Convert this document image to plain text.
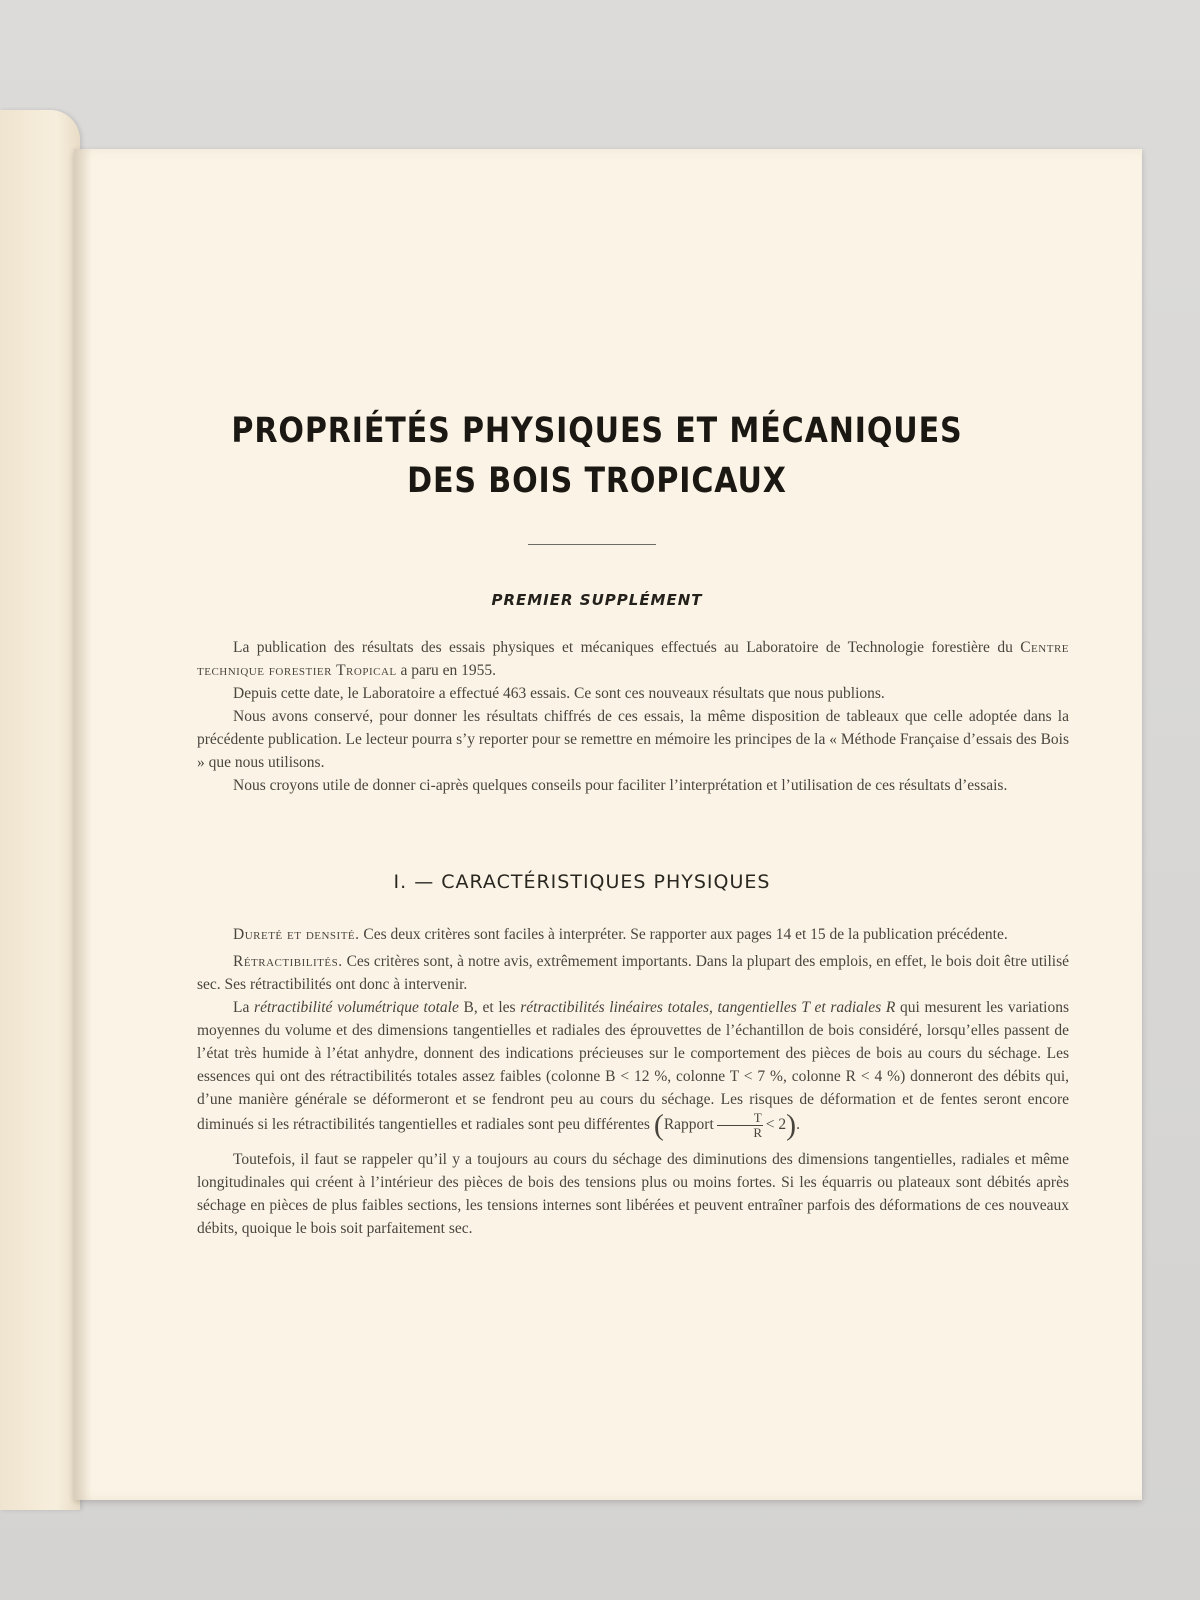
PROPRIÉTÉS PHYSIQUES ET MÉCANIQUES
DES BOIS TROPICAUX
PREMIER SUPPLÉMENT

La publication des résultats des essais physiques et mécaniques effectués au Laboratoire de Technologie forestière du Centre technique forestier Tropical a paru en 1955.

Depuis cette date, le Laboratoire a effectué 463 essais. Ce sont ces nouveaux résultats que nous publions.

Nous avons conservé, pour donner les résultats chiffrés de ces essais, la même disposition de tableaux que celle adoptée dans la précédente publication. Le lecteur pourra s’y reporter pour se remettre en mémoire les principes de la « Méthode Française d’essais des Bois » que nous utilisons.

Nous croyons utile de donner ci-après quelques conseils pour faciliter l’interprétation et l’utilisation de ces résultats d’essais.

I. — CARACTÉRISTIQUES PHYSIQUES

Dureté et densité. Ces deux critères sont faciles à interpréter. Se rapporter aux pages 14 et 15 de la publication précédente.

Rétractibilités. Ces critères sont, à notre avis, extrêmement importants. Dans la plupart des emplois, en effet, le bois doit être utilisé sec. Ses rétractibilités ont donc à intervenir.

La rétractibilité volumétrique totale B, et les rétractibilités linéaires totales, tangentielles T et radiales R qui mesurent les variations moyennes du volume et des dimensions tangentielles et radiales des éprouvettes de l’échantillon de bois considéré, lorsqu’elles passent de l’état très humide à l’état anhydre, donnent des indications précieuses sur le comportement des pièces de bois au cours du séchage. Les essences qui ont des rétractibilités totales assez faibles (colonne B < 12 %, colonne T < 7 %, colonne R < 4 %) donneront des débits qui, d’une manière générale se déformeront et se fendront peu au cours du séchage. Les risques de déformation et de fentes seront encore diminués si les rétractibilités tangentielles et radiales sont peu différentes (Rapport $\frac{T}{R} < 2$).

Toutefois, il faut se rappeler qu’il y a toujours au cours du séchage des diminutions des dimensions tangentielles, radiales et même longitudinales qui créent à l’intérieur des pièces de bois des tensions plus ou moins fortes. Si les équarris ou plateaux sont débités après séchage en pièces de plus faibles sections, les tensions internes sont libérées et peuvent entraîner parfois des déformations de ces nouveaux débits, quoique le bois soit parfaitement sec.
